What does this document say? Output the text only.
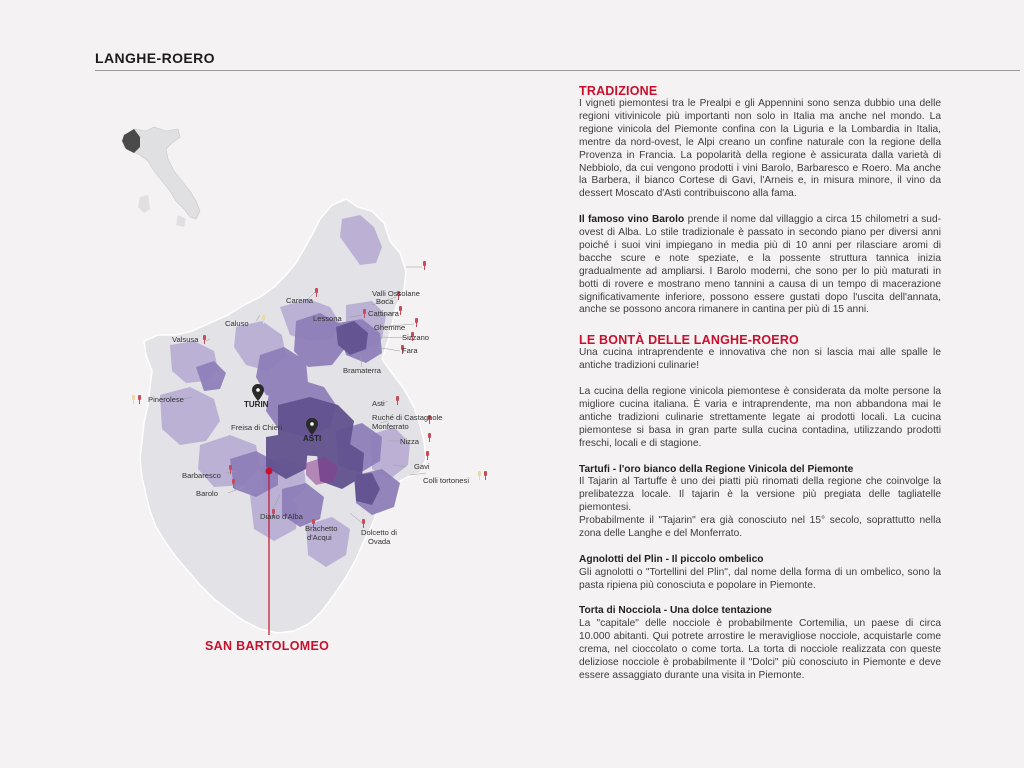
LANGHE-ROERO
Valli Ossolane
Carema	Boca
Lessona
Cattinara
Ghemme
Caluso
Sizzano
Valsusa
Fara
Bramaterra
Pinerolese
TURIN	Asti
Ruché di Castagnole
Monferrato
ASTI
Freisa di Chieri
Nizza
Barbaresco
Gavi
Colli tortonesi
Barolo
Diano d'Alba
Brachetto
d'Acqui
Dolcetto di
Ovada
SAN BARTOLOMEO
TRADIZIONE

I vigneti piemontesi tra le Prealpi e gli Appennini sono senza dubbio una delle regioni vitivinicole più importanti non solo in Italia ma anche nel mondo. La regione vinicola del Piemonte confina con la Liguria e la Lombardia in Italia, mentre da nord-ovest, le Alpi creano un confine naturale con la regione della Provenza in Francia. La popolarità della regione è assicurata dalla varietà di Nebbiolo, da cui vengono prodotti i vini Barolo, Barbaresco e Roero. Ma anche la Barbera, il bianco Cortese di Gavi, l'Arneis e, in misura minore, il vino da dessert Moscato d'Asti contribuiscono alla fama.

Il famoso vino Barolo prende il nome dal villaggio a circa 15 chilometri a sud-ovest di Alba. Lo stile tradizionale è passato in secondo piano per diversi anni poiché i suoi vini impiegano in media più di 10 anni per rilasciare aromi di bacche scure e note speziate, e la possente struttura tannica inizia gradualmente ad ampliarsi. I Barolo moderni, che sono per lo più maturati in botti di rovere e mostrano meno tannini a causa di un tempo di macerazione significativamente inferiore, possono essere gustati dopo l'uscita dell'annata, anche se possono ancora rimanere in cantina per più di 15 anni.

LE BONTÀ DELLE LANGHE-ROERO

Una cucina intraprendente e innovativa che non si lascia mai alle spalle le antiche tradizioni culinarie!

La cucina della regione vinicola piemontese è considerata da molte persone la migliore cucina italiana. È varia e intraprendente, ma non abbandona mai le antiche tradizioni culinarie strettamente legate ai prodotti locali. La cucina piemontese si basa in gran parte sulla cucina contadina, utilizzando prodotti freschi, locali e di stagione.

Tartufi - l'oro bianco della Regione Vinicola del Piemonte

Il Tajarin al Tartuffe è uno dei piatti più rinomati della regione che coinvolge la prelibatezza locale. Il tajarin è la versione più pregiata delle tagliatelle piemontesi.

Probabilmente il "Tajarin" era già conosciuto nel 15° secolo, soprattutto nella zona delle Langhe e del Monferrato.

Agnolotti del Plin - Il piccolo ombelico

Gli agnolotti o "Tortellini del Plin", dal nome della forma di un ombelico, sono la pasta ripiena più conosciuta e popolare in Piemonte.

Torta di Nocciola - Una dolce tentazione

La "capitale" delle nocciole è probabilmente Cortemilia, un paese di circa 10.000 abitanti. Qui potrete arrostire le meravigliose nocciole, acquistarle come crema, nel cioccolato o come torta. La torta di nocciole realizzata con queste deliziose nocciole è probabilmente il "Dolci" più conosciuto in Piemonte e deve essere assaggiato durante una visita in Piemonte.
